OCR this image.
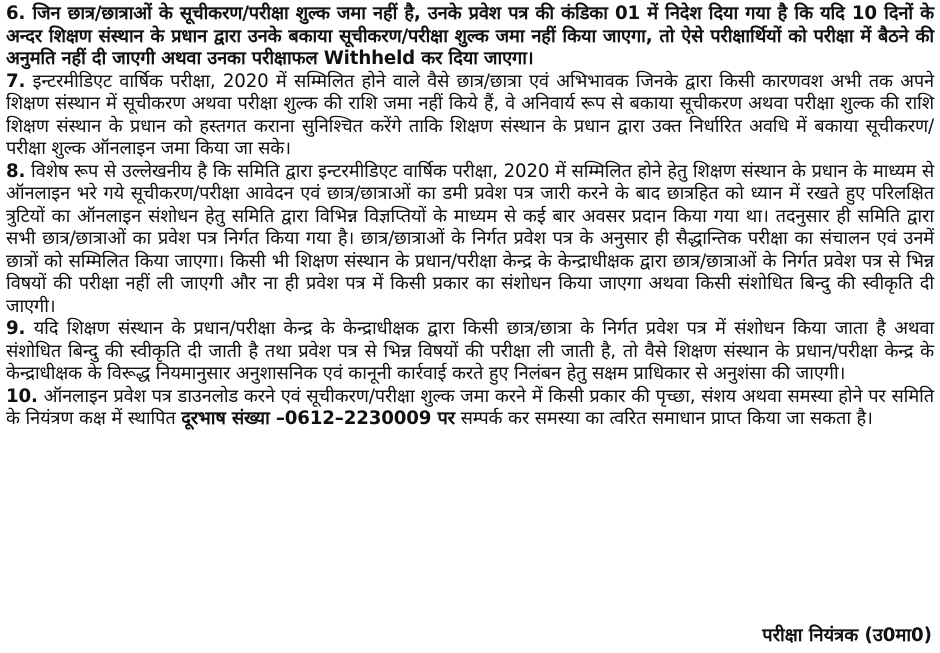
6. जिन छात्र/छात्राओं के सूचीकरण/परीक्षा शुल्क जमा नहीं है, उनके प्रवेश पत्र की कंडिका 01 में निदेश दिया गया है कि यदि 10 दिनों के अन्दर शिक्षण संस्थान के प्रधान द्वारा उनके बकाया सूचीकरण/परीक्षा शुल्क जमा नहीं किया जाएगा, तो ऐसे परीक्षार्थियों को परीक्षा में बैठने की अनुमति नहीं दी जाएगी अथवा उनका परीक्षाफल Withheld कर दिया जाएगा।

7. इन्टरमीडिएट वार्षिक परीक्षा, 2020 में सम्मिलित होने वाले वैसे छात्र/छात्रा एवं अभिभावक जिनके द्वारा किसी कारणवश अभी तक अपने शिक्षण संस्थान में सूचीकरण अथवा परीक्षा शुल्क की राशि जमा नहीं किये हैं, वे अनिवार्य रूप से बकाया सूचीकरण अथवा परीक्षा शुल्क की राशि शिक्षण संस्थान के प्रधान को हस्तगत कराना सुनिश्चित करेंगे ताकि शिक्षण संस्थान के प्रधान द्वारा उक्त निर्धारित अवधि में बकाया सूचीकरण/परीक्षा शुल्क ऑनलाइन जमा किया जा सके।

8. विशेष रूप से उल्लेखनीय है कि समिति द्वारा इन्टरमीडिएट वार्षिक परीक्षा, 2020 में सम्मिलित होने हेतु शिक्षण संस्थान के प्रधान के माध्यम से ऑनलाइन भरे गये सूचीकरण/परीक्षा आवेदन एवं छात्र/छात्राओं का डमी प्रवेश पत्र जारी करने के बाद छात्रहित को ध्यान में रखते हुए परिलक्षित त्रुटियों का ऑनलाइन संशोधन हेतु समिति द्वारा विभिन्न विज्ञप्तियों के माध्यम से कई बार अवसर प्रदान किया गया था। तदनुसार ही समिति द्वारा सभी छात्र/छात्राओं का प्रवेश पत्र निर्गत किया गया है। छात्र/छात्राओं के निर्गत प्रवेश पत्र के अनुसार ही सैद्धान्तिक परीक्षा का संचालन एवं उनमें छात्रों को सम्मिलित किया जाएगा। किसी भी शिक्षण संस्थान के प्रधान/परीक्षा केन्द्र के केन्द्राधीक्षक द्वारा छात्र/छात्राओं के निर्गत प्रवेश पत्र से भिन्न विषयों की परीक्षा नहीं ली जाएगी और ना ही प्रवेश पत्र में किसी प्रकार का संशोधन किया जाएगा अथवा किसी संशोधित बिन्दु की स्वीकृति दी जाएगी।

9. यदि शिक्षण संस्थान के प्रधान/परीक्षा केन्द्र के केन्द्राधीक्षक द्वारा किसी छात्र/छात्रा के निर्गत प्रवेश पत्र में संशोधन किया जाता है अथवा संशोधित बिन्दु की स्वीकृति दी जाती है तथा प्रवेश पत्र से भिन्न विषयों की परीक्षा ली जाती है, तो वैसे शिक्षण संस्थान के प्रधान/परीक्षा केन्द्र के केन्द्राधीक्षक के विरूद्ध नियमानुसार अनुशासनिक एवं कानूनी कार्रवाई करते हुए निलंबन हेतु सक्षम प्राधिकार से अनुशंसा की जाएगी।

10. ऑनलाइन प्रवेश पत्र डाउनलोड करने एवं सूचीकरण/परीक्षा शुल्क जमा करने में किसी प्रकार की पृच्छा, संशय अथवा समस्या होने पर समिति के नियंत्रण कक्ष में स्थापित दूरभाष संख्या –0612–2230009 पर सम्पर्क कर समस्या का त्वरित समाधान प्राप्त किया जा सकता है।

परीक्षा नियंत्रक (उ0मा0)
